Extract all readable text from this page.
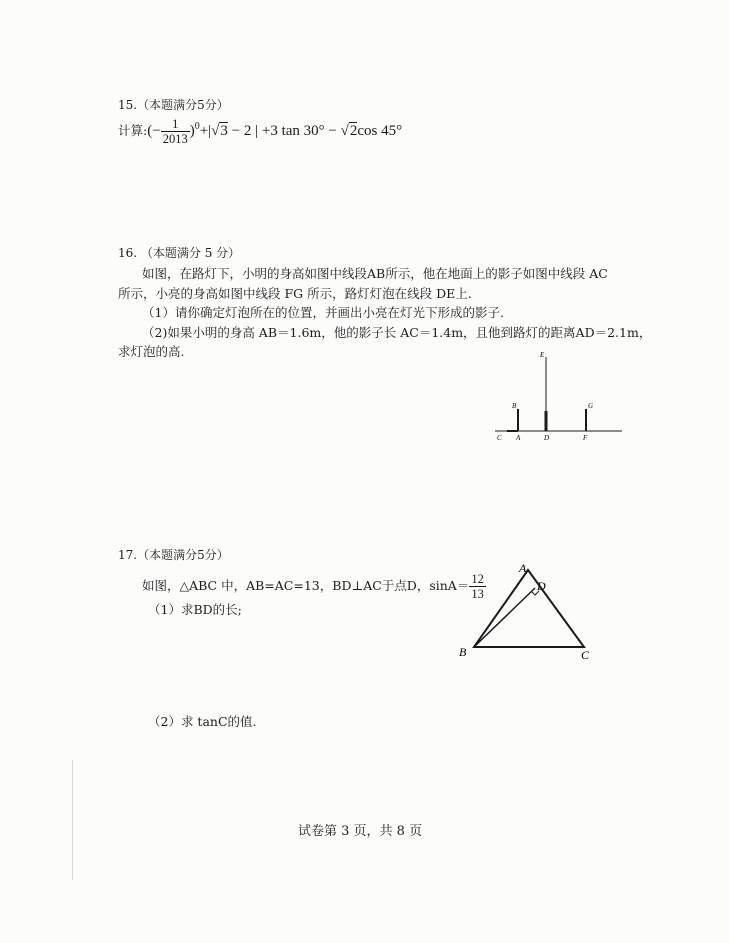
15.（本题满分5分）
计算:(− $\frac{1}{2013} )^0+|√3 - 2$ | +3 tan 30° − √2cos 45°
16. （本题满分 5 分）
如图，在路灯下，小明的身高如图中线段AB所示，他在地面上的影子如图中线段 AC
所示，小亮的身高如图中线段 FG 所示，路灯灯泡在线段 DE上.
（1）请你确定灯泡所在的位置，并画出小亮在灯光下形成的影子.
（2)如果小明的身高 AB＝1.6m，他的影子长 AC＝1.4m，且他到路灯的距离AD＝2.1m，
求灯泡的高.	E
B	G
C A	D	F
17.（本题满分5分）
如图，△ABC 中，AB=AC=13，BD⊥AC于点D，$\sin A= \frac{12}{13}$
（1）求BD的长;
（2）求 tanC的值.
A
D
B	C
试卷第 3 页，共 8 页
